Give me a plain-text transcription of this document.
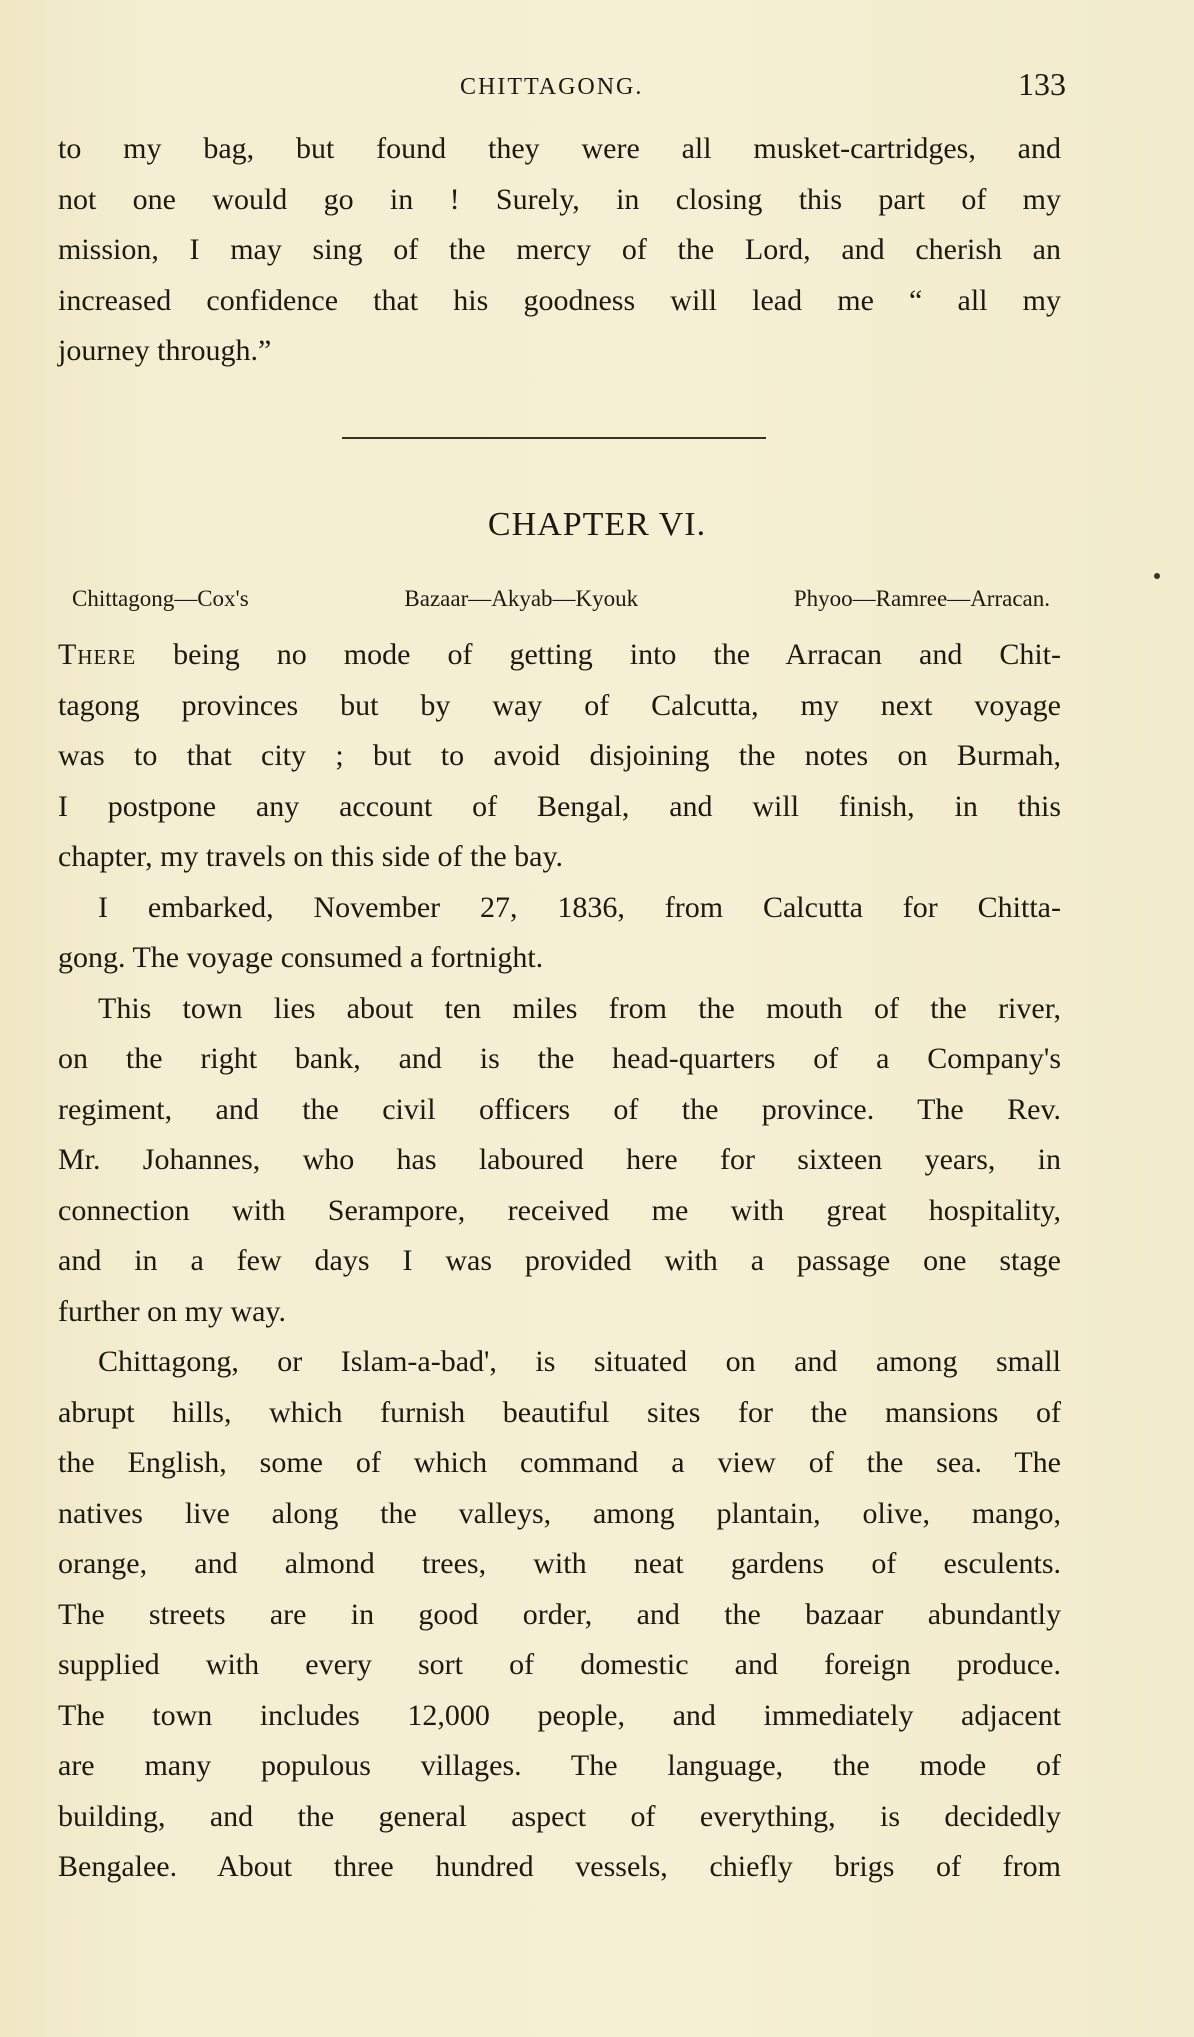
CHITTAGONG.	133
to my bag, but found they were all musket-cartridges, and
not one would go in ! Surely, in closing this part of my
mission, I may sing of the mercy of the Lord, and cherish an
increased confidence that his goodness will lead me “ all my
journey through.”
CHAPTER VI.
Chittagong—Cox's Bazaar—Akyab—Kyouk Phyoo—Ramree—Arracan.
There being no mode of getting into the Arracan and Chit-
tagong provinces but by way of Calcutta, my next voyage
was to that city ; but to avoid disjoining the notes on Burmah,
I postpone any account of Bengal, and will finish, in this
chapter, my travels on this side of the bay.
I embarked, November 27, 1836, from Calcutta for Chitta-
gong. The voyage consumed a fortnight.
This town lies about ten miles from the mouth of the river,
on the right bank, and is the head-quarters of a Company's
regiment, and the civil officers of the province. The Rev.
Mr. Johannes, who has laboured here for sixteen years, in
connection with Serampore, received me with great hospitality,
and in a few days I was provided with a passage one stage
further on my way.
Chittagong, or Islam-a-bad', is situated on and among small
abrupt hills, which furnish beautiful sites for the mansions of
the English, some of which command a view of the sea. The
natives live along the valleys, among plantain, olive, mango,
orange, and almond trees, with neat gardens of esculents.
The streets are in good order, and the bazaar abundantly
supplied with every sort of domestic and foreign produce.
The town includes 12,000 people, and immediately adjacent
are many populous villages. The language, the mode of
building, and the general aspect of everything, is decidedly
Bengalee. About three hundred vessels, chiefly brigs of from
